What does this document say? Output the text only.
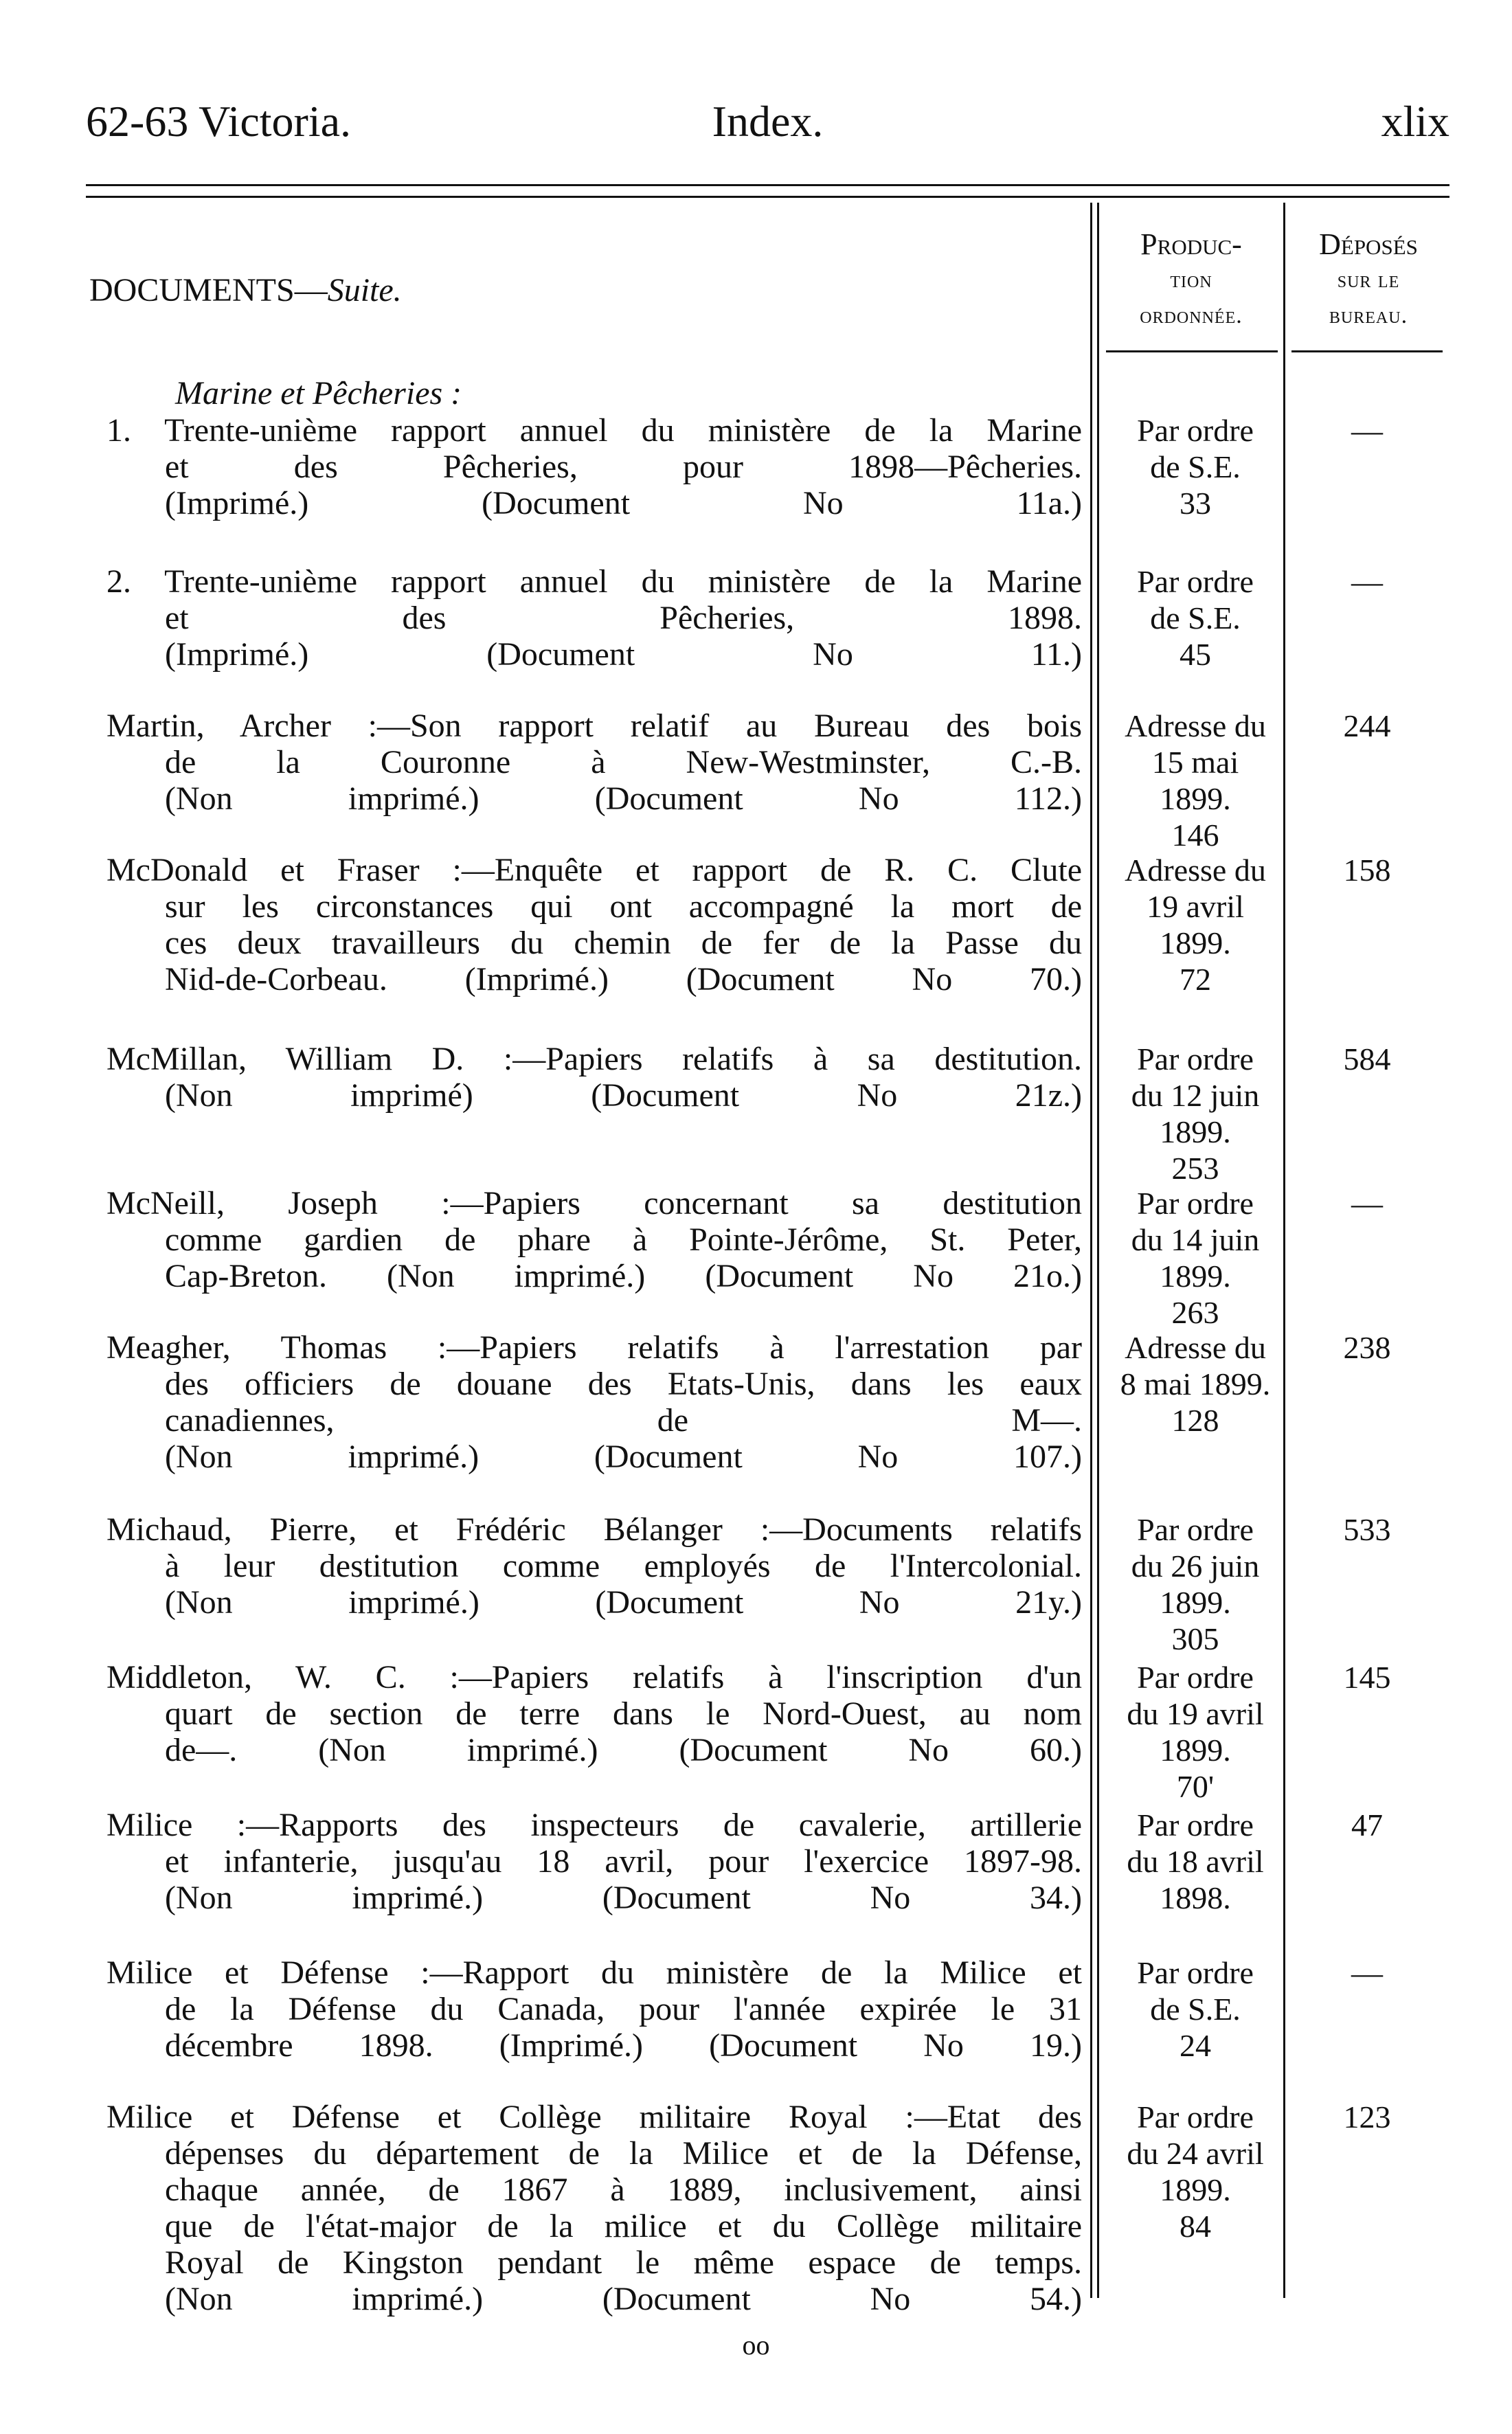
62-63 Victoria.	Index.	xlix
Produc-
tion
ordonnée.
Déposés
sur le
bureau.
DOCUMENTS—Suite.
Marine et Pêcheries :
1. Trente-unième rapport annuel du ministère de la Marine
et des Pêcheries, pour 1898—Pêcheries.
(Imprimé.) (Document No 11a.)
Par ordre
de S.E.
33
—
2. Trente-unième rapport annuel du ministère de la Marine
et des Pêcheries, 1898.
(Imprimé.) (Document No 11.)
Par ordre
de S.E.
45
—
Martin, Archer :—Son rapport relatif au Bureau des bois
de la Couronne à New-Westminster, C.-B.
(Non imprimé.) (Document No 112.)
Adresse du
15 mai
1899.
146
244
McDonald et Fraser :—Enquête et rapport de R. C. Clute
sur les circonstances qui ont accompagné la mort de
ces deux travailleurs du chemin de fer de la Passe du
Nid-de-Corbeau. (Imprimé.) (Document No 70.)
Adresse du
19 avril
1899.
72
158
McMillan, William D. :—Papiers relatifs à sa destitution.
(Non imprimé) (Document No 21z.)
Par ordre
du 12 juin
1899.
253
584
McNeill, Joseph :—Papiers concernant sa destitution
comme gardien de phare à Pointe-Jérôme, St. Peter,
Cap-Breton. (Non imprimé.) (Document No 21o.)
Par ordre
du 14 juin
1899.
263
—
Meagher, Thomas :—Papiers relatifs à l'arrestation par
des officiers de douane des Etats-Unis, dans les eaux
canadiennes, de M—.
(Non imprimé.) (Document No 107.)
Adresse du
8 mai 1899.
128
238
Michaud, Pierre, et Frédéric Bélanger :—Documents relatifs
à leur destitution comme employés de l'Intercolonial.
(Non imprimé.) (Document No 21y.)
Par ordre
du 26 juin
1899.
305
533
Middleton, W. C. :—Papiers relatifs à l'inscription d'un
quart de section de terre dans le Nord-Ouest, au nom
de—. (Non imprimé.) (Document No 60.)
Par ordre
du 19 avril
1899.
70'
145
Milice :—Rapports des inspecteurs de cavalerie, artillerie
et infanterie, jusqu'au 18 avril, pour l'exercice 1897-98.
(Non imprimé.) (Document No 34.)
Par ordre
du 18 avril
1898.
47
Milice et Défense :—Rapport du ministère de la Milice et
de la Défense du Canada, pour l'année expirée le 31
décembre 1898. (Imprimé.) (Document No 19.)
Par ordre
de S.E.
24
—
Milice et Défense et Collège militaire Royal :—Etat des
dépenses du département de la Milice et de la Défense,
chaque année, de 1867 à 1889, inclusivement, ainsi
que de l'état-major de la milice et du Collège militaire
Royal de Kingston pendant le même espace de temps.
(Non imprimé.) (Document No 54.)
Par ordre
du 24 avril
1899.
84
123
oo
